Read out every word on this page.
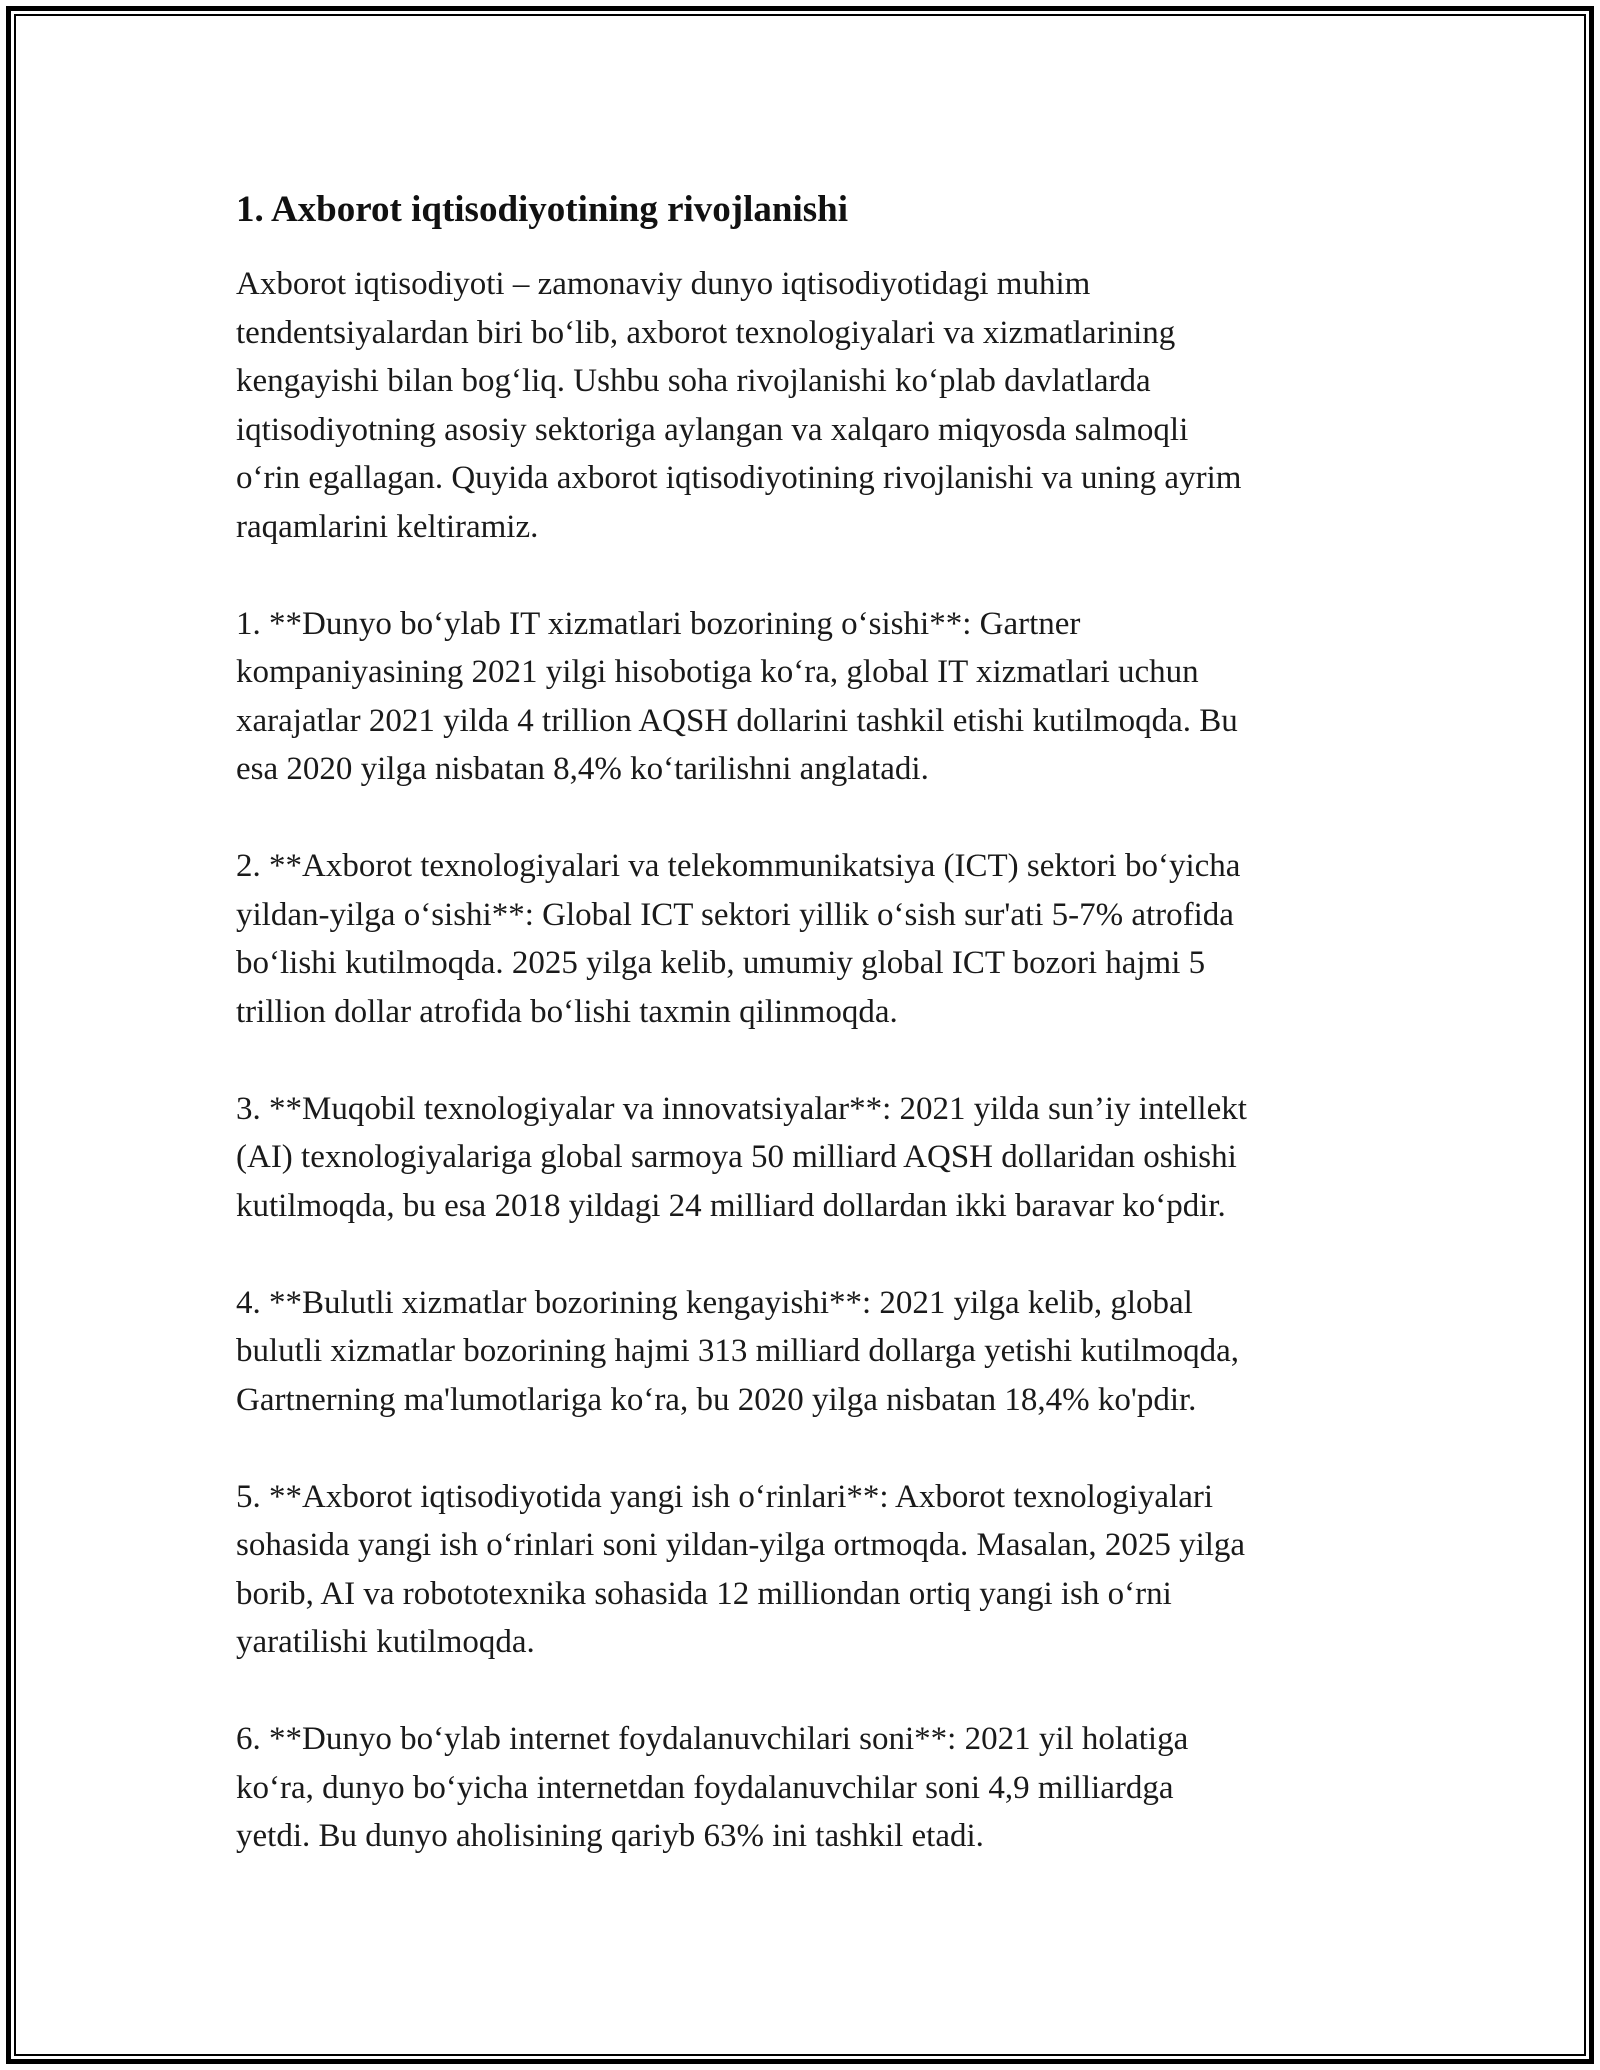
1. Axborot iqtisodiyotining rivojlanishi

Axborot iqtisodiyoti – zamonaviy dunyo iqtisodiyotidagi muhim
tendentsiyalardan biri bo‘lib, axborot texnologiyalari va xizmatlarining
kengayishi bilan bog‘liq. Ushbu soha rivojlanishi ko‘plab davlatlarda
iqtisodiyotning asosiy sektoriga aylangan va xalqaro miqyosda salmoqli
o‘rin egallagan. Quyida axborot iqtisodiyotining rivojlanishi va uning ayrim
raqamlarini keltiramiz.

1. **Dunyo bo‘ylab IT xizmatlari bozorining o‘sishi**: Gartner
kompaniyasining 2021 yilgi hisobotiga ko‘ra, global IT xizmatlari uchun
xarajatlar 2021 yilda 4 trillion AQSH dollarini tashkil etishi kutilmoqda. Bu
esa 2020 yilga nisbatan 8,4% ko‘tarilishni anglatadi.

2. **Axborot texnologiyalari va telekommunikatsiya (ICT) sektori bo‘yicha
yildan-yilga o‘sishi**: Global ICT sektori yillik o‘sish sur'ati 5-7% atrofida
bo‘lishi kutilmoqda. 2025 yilga kelib, umumiy global ICT bozori hajmi 5
trillion dollar atrofida bo‘lishi taxmin qilinmoqda.

3. **Muqobil texnologiyalar va innovatsiyalar**: 2021 yilda sun’iy intellekt
(AI) texnologiyalariga global sarmoya 50 milliard AQSH dollaridan oshishi
kutilmoqda, bu esa 2018 yildagi 24 milliard dollardan ikki baravar ko‘pdir.

4. **Bulutli xizmatlar bozorining kengayishi**: 2021 yilga kelib, global
bulutli xizmatlar bozorining hajmi 313 milliard dollarga yetishi kutilmoqda,
Gartnerning ma'lumotlariga ko‘ra, bu 2020 yilga nisbatan 18,4% ko'pdir.

5. **Axborot iqtisodiyotida yangi ish o‘rinlari**: Axborot texnologiyalari
sohasida yangi ish o‘rinlari soni yildan-yilga ortmoqda. Masalan, 2025 yilga
borib, AI va robototexnika sohasida 12 milliondan ortiq yangi ish o‘rni
yaratilishi kutilmoqda.

6. **Dunyo bo‘ylab internet foydalanuvchilari soni**: 2021 yil holatiga
ko‘ra, dunyo bo‘yicha internetdan foydalanuvchilar soni 4,9 milliardga
yetdi. Bu dunyo aholisining qariyb 63% ini tashkil etadi.
